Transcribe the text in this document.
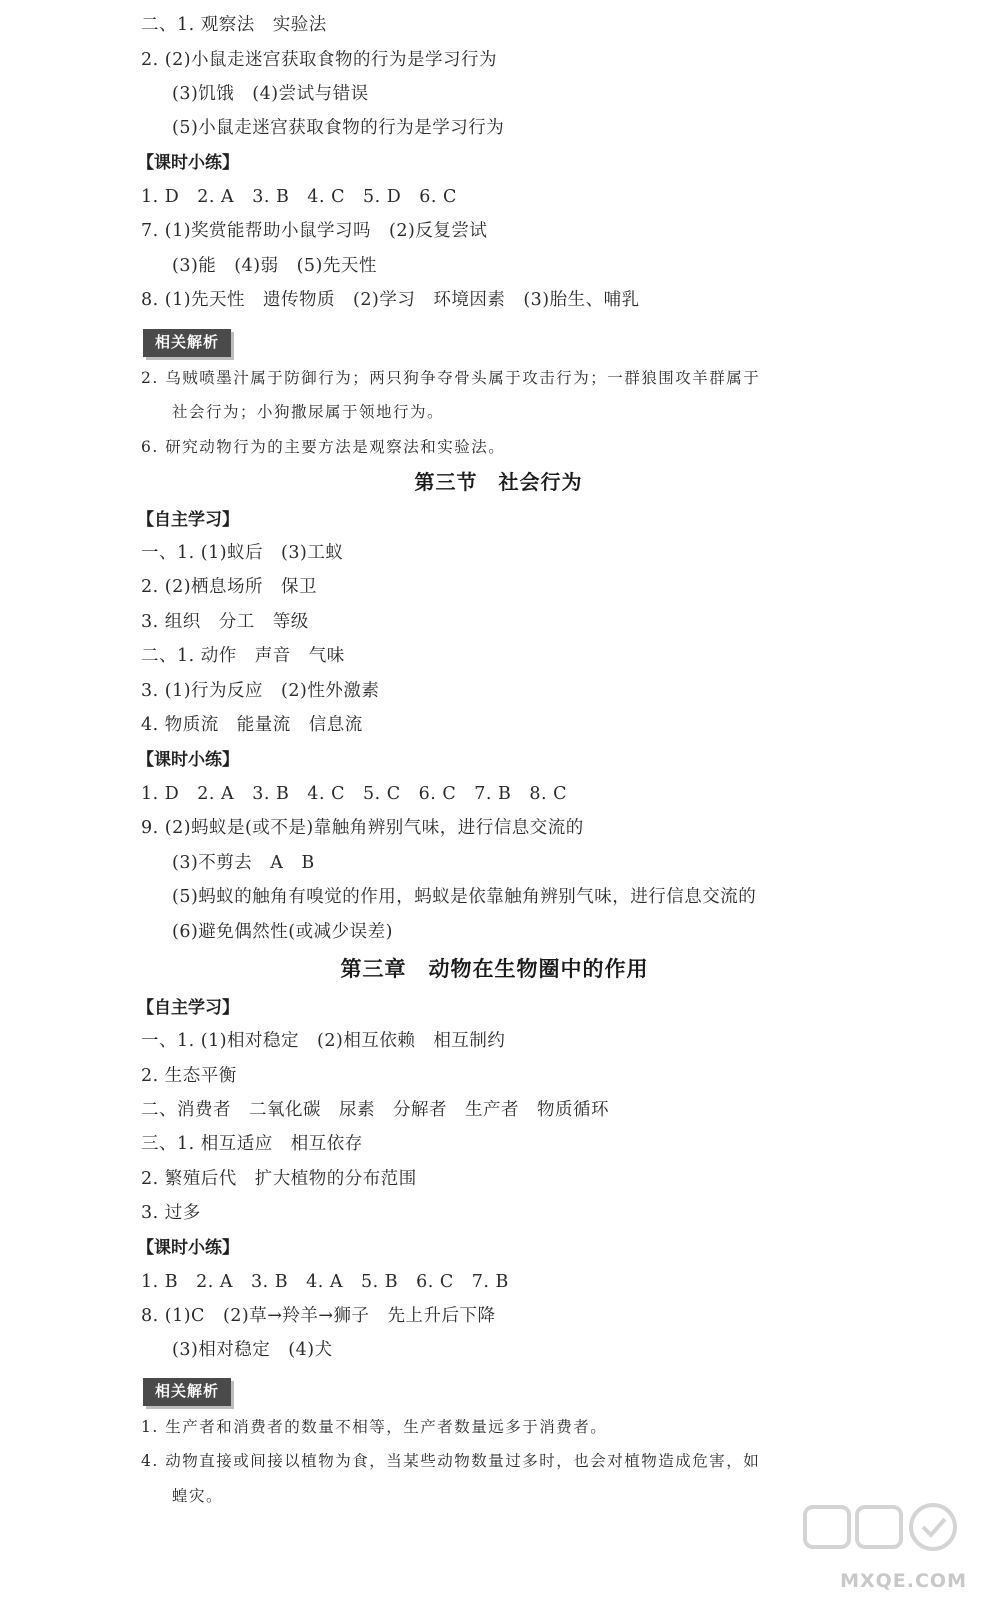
二、1. 观察法　实验法
2. (2)小鼠走迷宫获取食物的行为是学习行为
(3)饥饿　(4)尝试与错误
(5)小鼠走迷宫获取食物的行为是学习行为
【课时小练】
1. D　2. A　3. B　4. C　5. D　6. C
7. (1)奖赏能帮助小鼠学习吗　(2)反复尝试
(3)能　(4)弱　(5)先天性
8. (1)先天性　遗传物质　(2)学习　环境因素　(3)胎生、哺乳
相关解析
2. 乌贼喷墨汁属于防御行为；两只狗争夺骨头属于攻击行为；一群狼围攻羊群属于
社会行为；小狗撒尿属于领地行为。
6. 研究动物行为的主要方法是观察法和实验法。
第三节　社会行为
【自主学习】
一、1. (1)蚁后　(3)工蚁
2. (2)栖息场所　保卫
3. 组织　分工　等级
二、1. 动作　声音　气味
3. (1)行为反应　(2)性外激素
4. 物质流　能量流　信息流
【课时小练】
1. D　2. A　3. B　4. C　5. C　6. C　7. B　8. C
9. (2)蚂蚁是(或不是)靠触角辨别气味，进行信息交流的
(3)不剪去　A　B
(5)蚂蚁的触角有嗅觉的作用，蚂蚁是依靠触角辨别气味，进行信息交流的
(6)避免偶然性(或减少误差)
第三章　动物在生物圈中的作用
【自主学习】
一、1. (1)相对稳定　(2)相互依赖　相互制约
2. 生态平衡
二、消费者　二氧化碳　尿素　分解者　生产者　物质循环
三、1. 相互适应　相互依存
2. 繁殖后代　扩大植物的分布范围
3. 过多
【课时小练】
1. B　2. A　3. B　4. A　5. B　6. C　7. B
8. (1)C　(2)草→羚羊→狮子　先上升后下降
(3)相对稳定　(4)犬
相关解析
1. 生产者和消费者的数量不相等，生产者数量远多于消费者。
4. 动物直接或间接以植物为食，当某些动物数量过多时，也会对植物造成危害，如
蝗灾。
MXQE.COM
